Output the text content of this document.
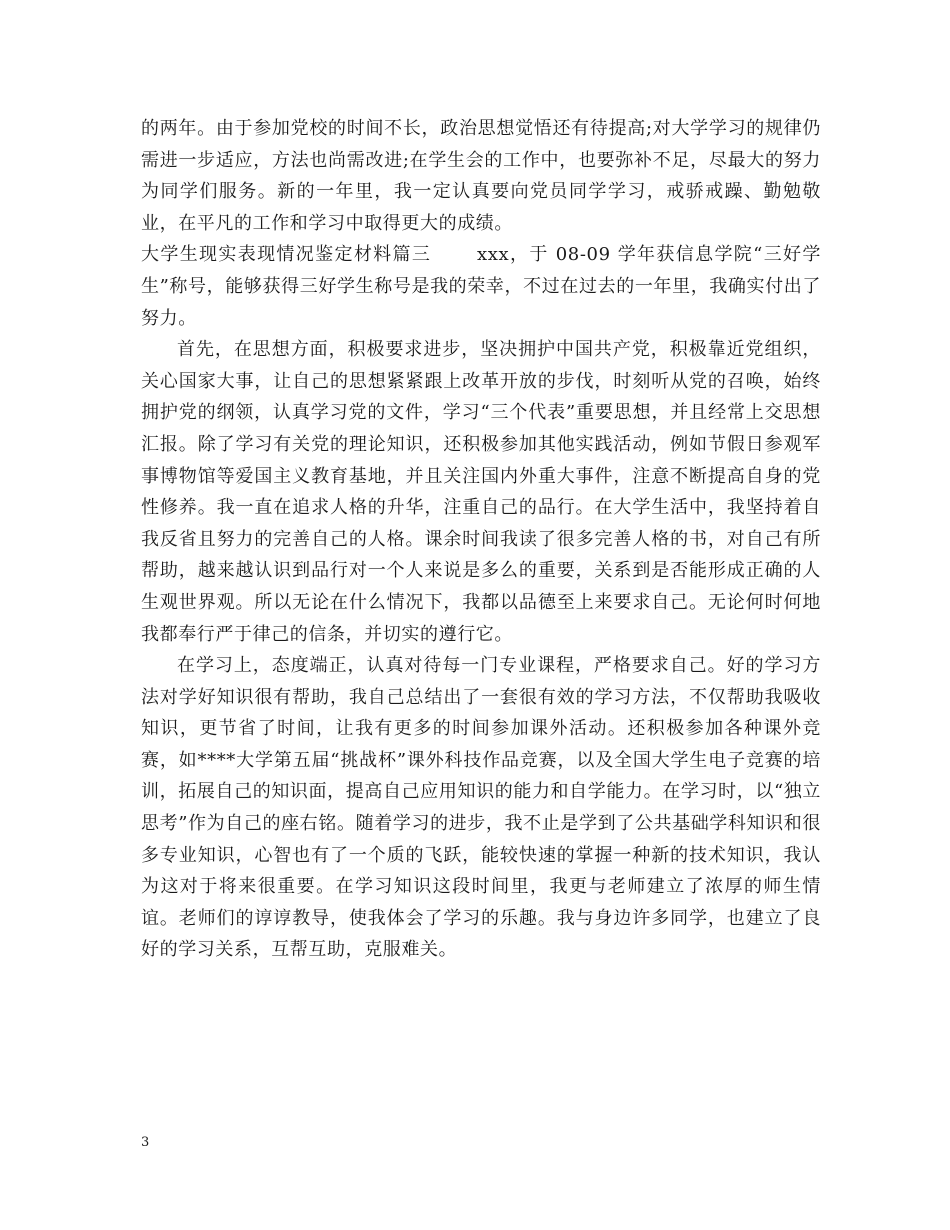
的两年。由于参加党校的时间不长，政治思想觉悟还有待提高;对大学学习的规律仍需进一步适应，方法也尚需改进;在学生会的工作中，也要弥补不足，尽最大的努力为同学们服务。新的一年里，我一定认真要向党员同学学习，戒骄戒躁、勤勉敬业，在平凡的工作和学习中取得更大的成绩。

大学生现实表现情况鉴定材料篇三　　 xxx，于 08-09 学年获信息学院“三好学生”称号，能够获得三好学生称号是我的荣幸，不过在过去的一年里，我确实付出了努力。

首先，在思想方面，积极要求进步，坚决拥护中国共产党，积极靠近党组织，关心国家大事，让自己的思想紧紧跟上改革开放的步伐，时刻听从党的召唤，始终拥护党的纲领，认真学习党的文件，学习“三个代表”重要思想，并且经常上交思想汇报。除了学习有关党的理论知识，还积极参加其他实践活动，例如节假日参观军事博物馆等爱国主义教育基地，并且关注国内外重大事件，注意不断提高自身的党性修养。我一直在追求人格的升华，注重自己的品行。在大学生活中，我坚持着自我反省且努力的完善自己的人格。课余时间我读了很多完善人格的书，对自己有所帮助，越来越认识到品行对一个人来说是多么的重要，关系到是否能形成正确的人生观世界观。所以无论在什么情况下，我都以品德至上来要求自己。无论何时何地我都奉行严于律己的信条，并切实的遵行它。

在学习上，态度端正，认真对待每一门专业课程，严格要求自己。好的学习方法对学好知识很有帮助，我自己总结出了一套很有效的学习方法，不仅帮助我吸收知识，更节省了时间，让我有更多的时间参加课外活动。还积极参加各种课外竞赛，如****大学第五届“挑战杯”课外科技作品竞赛，以及全国大学生电子竞赛的培训，拓展自己的知识面，提高自己应用知识的能力和自学能力。在学习时，以“独立思考”作为自己的座右铭。随着学习的进步，我不止是学到了公共基础学科知识和很多专业知识，心智也有了一个质的飞跃，能较快速的掌握一种新的技术知识，我认为这对于将来很重要。在学习知识这段时间里，我更与老师建立了浓厚的师生情谊。老师们的谆谆教导，使我体会了学习的乐趣。我与身边许多同学，也建立了良好的学习关系，互帮互助，克服难关。

3
